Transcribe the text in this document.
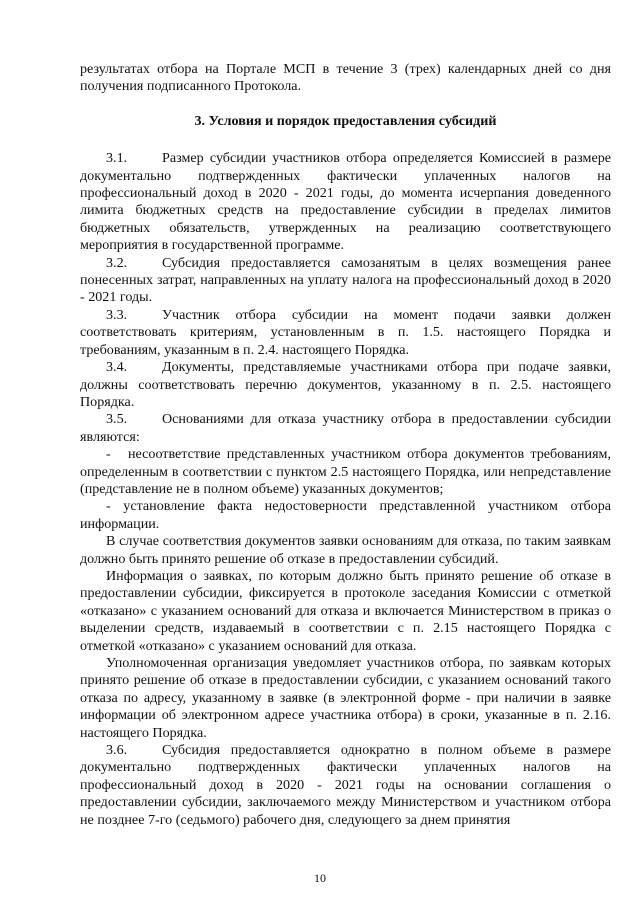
результатах отбора на Портале МСП в течение 3 (трех) календарных дней со дня получения подписанного Протокола.

3. Условия и порядок предоставления субсидий

3.1. Размер субсидии участников отбора определяется Комиссией в размере документально подтвержденных фактически уплаченных налогов на профессиональный доход в 2020 - 2021 годы, до момента исчерпания доведенного лимита бюджетных средств на предоставление субсидии в пределах лимитов бюджетных обязательств, утвержденных на реализацию соответствующего мероприятия в государственной программе.

3.2. Субсидия предоставляется самозанятым в целях возмещения ранее понесенных затрат, направленных на уплату налога на профессиональный доход в 2020 - 2021 годы.

3.3. Участник отбора субсидии на момент подачи заявки должен соответствовать критериям, установленным в п. 1.5. настоящего Порядка и требованиям, указанным в п. 2.4. настоящего Порядка.

3.4. Документы, представляемые участниками отбора при подаче заявки, должны соответствовать перечню документов, указанному в п. 2.5. настоящего Порядка.

3.5. Основаниями для отказа участнику отбора в предоставлении субсидии являются:

- несоответствие представленных участником отбора документов требованиям, определенным в соответствии с пунктом 2.5 настоящего Порядка, или непредставление (представление не в полном объеме) указанных документов;

- установление факта недостоверности представленной участником отбора информации.

В случае соответствия документов заявки основаниям для отказа, по таким заявкам должно быть принято решение об отказе в предоставлении субсидий.

Информация о заявках, по которым должно быть принято решение об отказе в предоставлении субсидии, фиксируется в протоколе заседания Комиссии с отметкой «отказано» с указанием оснований для отказа и включается Министерством в приказ о выделении средств, издаваемый в соответствии с п. 2.15 настоящего Порядка с отметкой «отказано» с указанием оснований для отказа.

Уполномоченная организация уведомляет участников отбора, по заявкам которых принято решение об отказе в предоставлении субсидии, с указанием оснований такого отказа по адресу, указанному в заявке (в электронной форме - при наличии в заявке информации об электронном адресе участника отбора) в сроки, указанные в п. 2.16. настоящего Порядка.

3.6. Субсидия предоставляется однократно в полном объеме в размере документально подтвержденных фактически уплаченных налогов на профессиональный доход в 2020 - 2021 годы на основании соглашения о предоставлении субсидии, заключаемого между Министерством и участником отбора не позднее 7-го (седьмого) рабочего дня, следующего за днем принятия

10
